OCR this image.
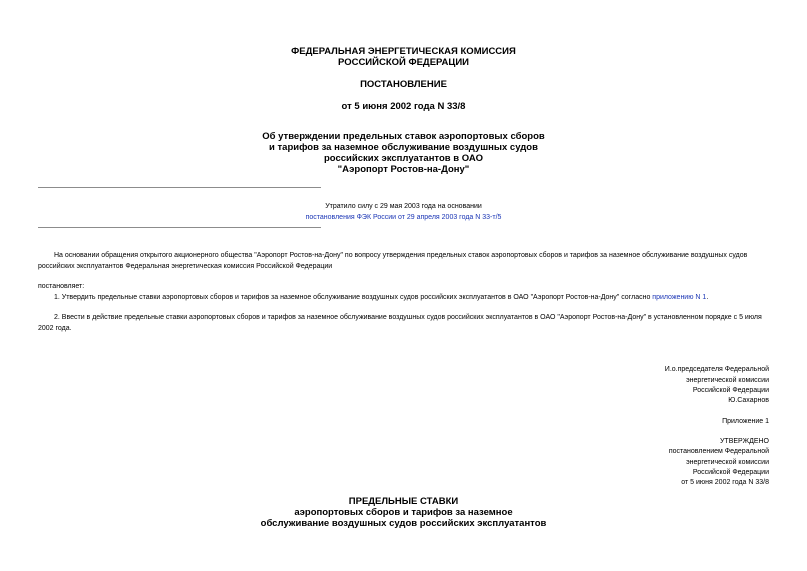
ФЕДЕРАЛЬНАЯ ЭНЕРГЕТИЧЕСКАЯ КОМИССИЯ
РОССИЙСКОЙ ФЕДЕРАЦИИ
ПОСТАНОВЛЕНИЕ
от 5 июня 2002 года N 33/8
Об утверждении предельных ставок аэропортовых сборов
и тарифов за наземное обслуживание воздушных судов
российских эксплуатантов в ОАО
"Аэропорт Ростов-на-Дону"
Утратило силу с 29 мая 2003 года на основании
постановления ФЭК России от 29 апреля 2003 года N 33-т/5
На основании обращения открытого акционерного общества "Аэропорт Ростов-на-Дону" по вопросу утверждения предельных ставок аэропортовых сборов и тарифов за наземное обслуживание воздушных судов российских эксплуатантов Федеральная энергетическая комиссия Российской Федерации
постановляет:
1. Утвердить предельные ставки аэропортовых сборов и тарифов за наземное обслуживание воздушных судов российских эксплуатантов в ОАО "Аэропорт Ростов-на-Дону" согласно приложению N 1.
2. Ввести в действие предельные ставки аэропортовых сборов и тарифов за наземное обслуживание воздушных судов российских эксплуатантов в ОАО "Аэропорт Ростов-на-Дону" в установленном порядке с 5 июля 2002 года.
И.о.председателя Федеральной
энергетической комиссии
Российской Федерации
Ю.Сахарнов
Приложение 1
УТВЕРЖДЕНО
постановлением Федеральной
энергетической комиссии
Российской Федерации
от 5 июня 2002 года N 33/8
ПРЕДЕЛЬНЫЕ СТАВКИ
аэропортовых сборов и тарифов за наземное
обслуживание воздушных судов российских эксплуатантов
